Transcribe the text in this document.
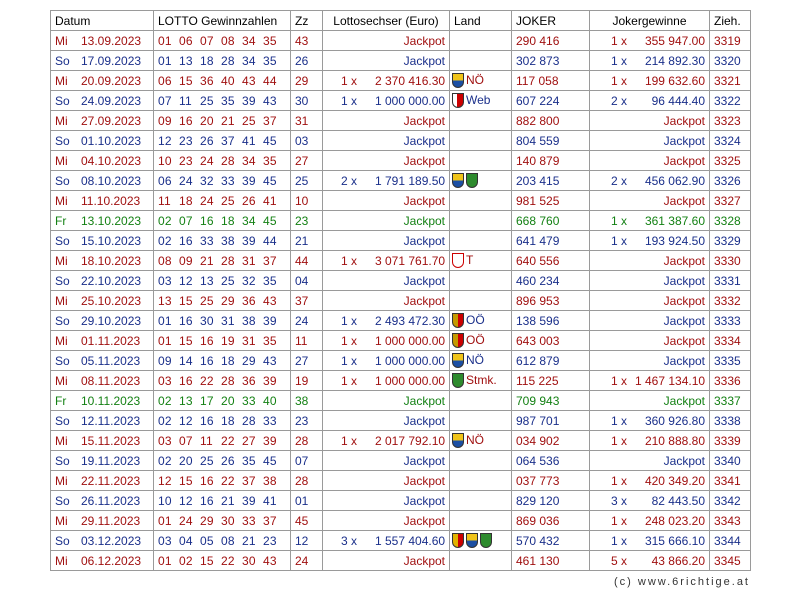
Datum	LOTTO Gewinnzahlen	Zz	Lottosechser (Euro)	Land	JOKER	Jokergewinne	Zieh.
Mi 13.09.2023	01 06 07 08 34 35	43	Jackpot		290 416	1 x 355 947.00	3319
So 17.09.2023	01 13 18 28 34 35	26	Jackpot		302 873	1 x 214 892.30	3320
Mi 20.09.2023	06 15 36 40 43 44	29	1 x 2 370 416.30	NÖ	117 058	1 x 199 632.60	3321
So 24.09.2023	07 11 25 35 39 43	30	1 x 1 000 000.00	Web	607 224	2 x 96 444.40	3322
Mi 27.09.2023	09 16 20 21 25 37	31	Jackpot		882 800	Jackpot	3323
So 01.10.2023	12 23 26 37 41 45	03	Jackpot		804 559	Jackpot	3324
Mi 04.10.2023	10 23 24 28 34 35	27	Jackpot		140 879	Jackpot	3325
So 08.10.2023	06 24 32 33 39 45	25	2 x 1 791 189.50		203 415	2 x 456 062.90	3326
Mi 11.10.2023	11 18 24 25 26 41	10	Jackpot		981 525	Jackpot	3327
Fr 13.10.2023	02 07 16 18 34 45	23	Jackpot		668 760	1 x 361 387.60	3328
So 15.10.2023	02 16 33 38 39 44	21	Jackpot		641 479	1 x 193 924.50	3329
Mi 18.10.2023	08 09 21 28 31 37	44	1 x 3 071 761.70	T	640 556	Jackpot	3330
So 22.10.2023	03 12 13 25 32 35	04	Jackpot		460 234	Jackpot	3331
Mi 25.10.2023	13 15 25 29 36 43	37	Jackpot		896 953	Jackpot	3332
So 29.10.2023	01 16 30 31 38 39	24	1 x 2 493 472.30	OÖ	138 596	Jackpot	3333
Mi 01.11.2023	01 15 16 19 31 35	11	1 x 1 000 000.00	OÖ	643 003	Jackpot	3334
So 05.11.2023	09 14 16 18 29 43	27	1 x 1 000 000.00	NÖ	612 879	Jackpot	3335
Mi 08.11.2023	03 16 22 28 36 39	19	1 x 1 000 000.00	Stmk.	115 225	1 x 1 467 134.10	3336
Fr 10.11.2023	02 13 17 20 33 40	38	Jackpot		709 943	Jackpot	3337
So 12.11.2023	02 12 16 18 28 33	23	Jackpot		987 701	1 x 360 926.80	3338
Mi 15.11.2023	03 07 11 22 27 39	28	1 x 2 017 792.10	NÖ	034 902	1 x 210 888.80	3339
So 19.11.2023	02 20 25 26 35 45	07	Jackpot		064 536	Jackpot	3340
Mi 22.11.2023	12 15 16 22 37 38	28	Jackpot		037 773	1 x 420 349.20	3341
So 26.11.2023	10 12 16 21 39 41	01	Jackpot		829 120	3 x 82 443.50	3342
Mi 29.11.2023	01 24 29 30 33 37	45	Jackpot		869 036	1 x 248 023.20	3343
So 03.12.2023	03 04 05 08 21 23	12	3 x 1 557 404.60		570 432	1 x 315 666.10	3344
Mi 06.12.2023	01 02 15 22 30 43	24	Jackpot		461 130	5 x 43 866.20	3345
(c) www.6richtige.at
